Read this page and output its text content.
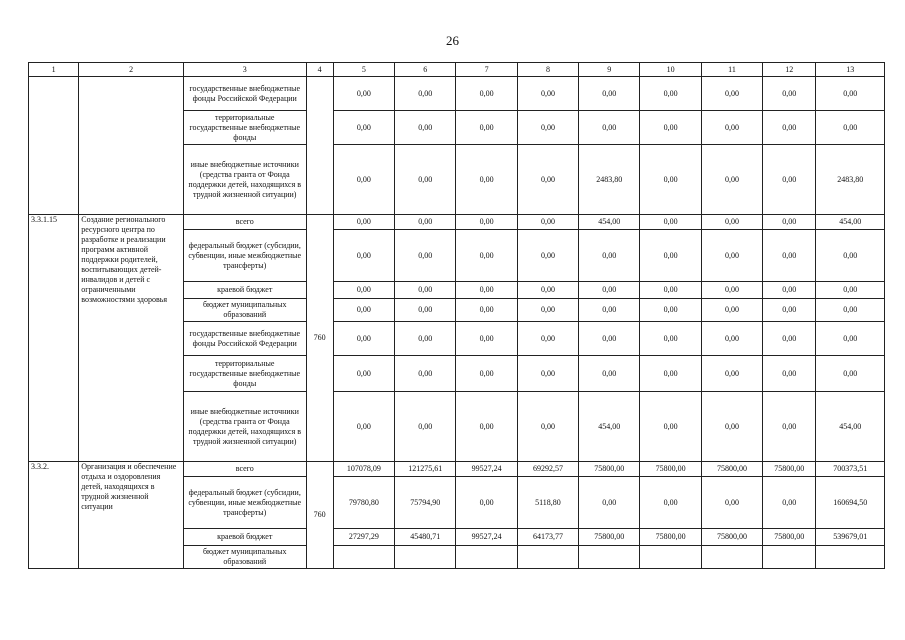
26
1	2	3	4	5	6	7	8	9	10	11	12	13
		государственные внебюджетные фонды Российской Федерации		0,00	0,00	0,00	0,00	0,00	0,00	0,00	0,00	0,00
		территориальные государственные внебюджетные фонды		0,00	0,00	0,00	0,00	0,00	0,00	0,00	0,00	0,00
		иные внебюджетные источники (средства гранта от Фонда поддержки детей, находящихся в трудной жизненной ситуации)		0,00	0,00	0,00	0,00	2483,80	0,00	0,00	0,00	2483,80
3.3.1.15	Создание регионального ресурсного центра по разработке и реализации программ активной поддержки родителей, воспитывающих детей-инвалидов и детей с ограниченными возможностями здоровья	всего	760	0,00	0,00	0,00	0,00	454,00	0,00	0,00	0,00	454,00
		федеральный бюджет (субсидии, субвенции, иные межбюджетные трансферты)		0,00	0,00	0,00	0,00	0,00	0,00	0,00	0,00	0,00
		краевой бюджет		0,00	0,00	0,00	0,00	0,00	0,00	0,00	0,00	0,00
		бюджет муниципальных образований		0,00	0,00	0,00	0,00	0,00	0,00	0,00	0,00	0,00
		государственные внебюджетные фонды Российской Федерации		0,00	0,00	0,00	0,00	0,00	0,00	0,00	0,00	0,00
		территориальные государственные внебюджетные фонды		0,00	0,00	0,00	0,00	0,00	0,00	0,00	0,00	0,00
		иные внебюджетные источники (средства гранта от Фонда поддержки детей, находящихся в трудной жизненной ситуации)		0,00	0,00	0,00	0,00	454,00	0,00	0,00	0,00	454,00
3.3.2.	Организация и обеспечение отдыха и оздоровления детей, находящихся в трудной жизненной ситуации	всего	760	107078,09	121275,61	99527,24	69292,57	75800,00	75800,00	75800,00	75800,00	700373,51
		федеральный бюджет (субсидии, субвенции, иные межбюджетные трансферты)		79780,80	75794,90	0,00	5118,80	0,00	0,00	0,00	0,00	160694,50
		краевой бюджет		27297,29	45480,71	99527,24	64173,77	75800,00	75800,00	75800,00	75800,00	539679,01
		бюджет муниципальных образований										
